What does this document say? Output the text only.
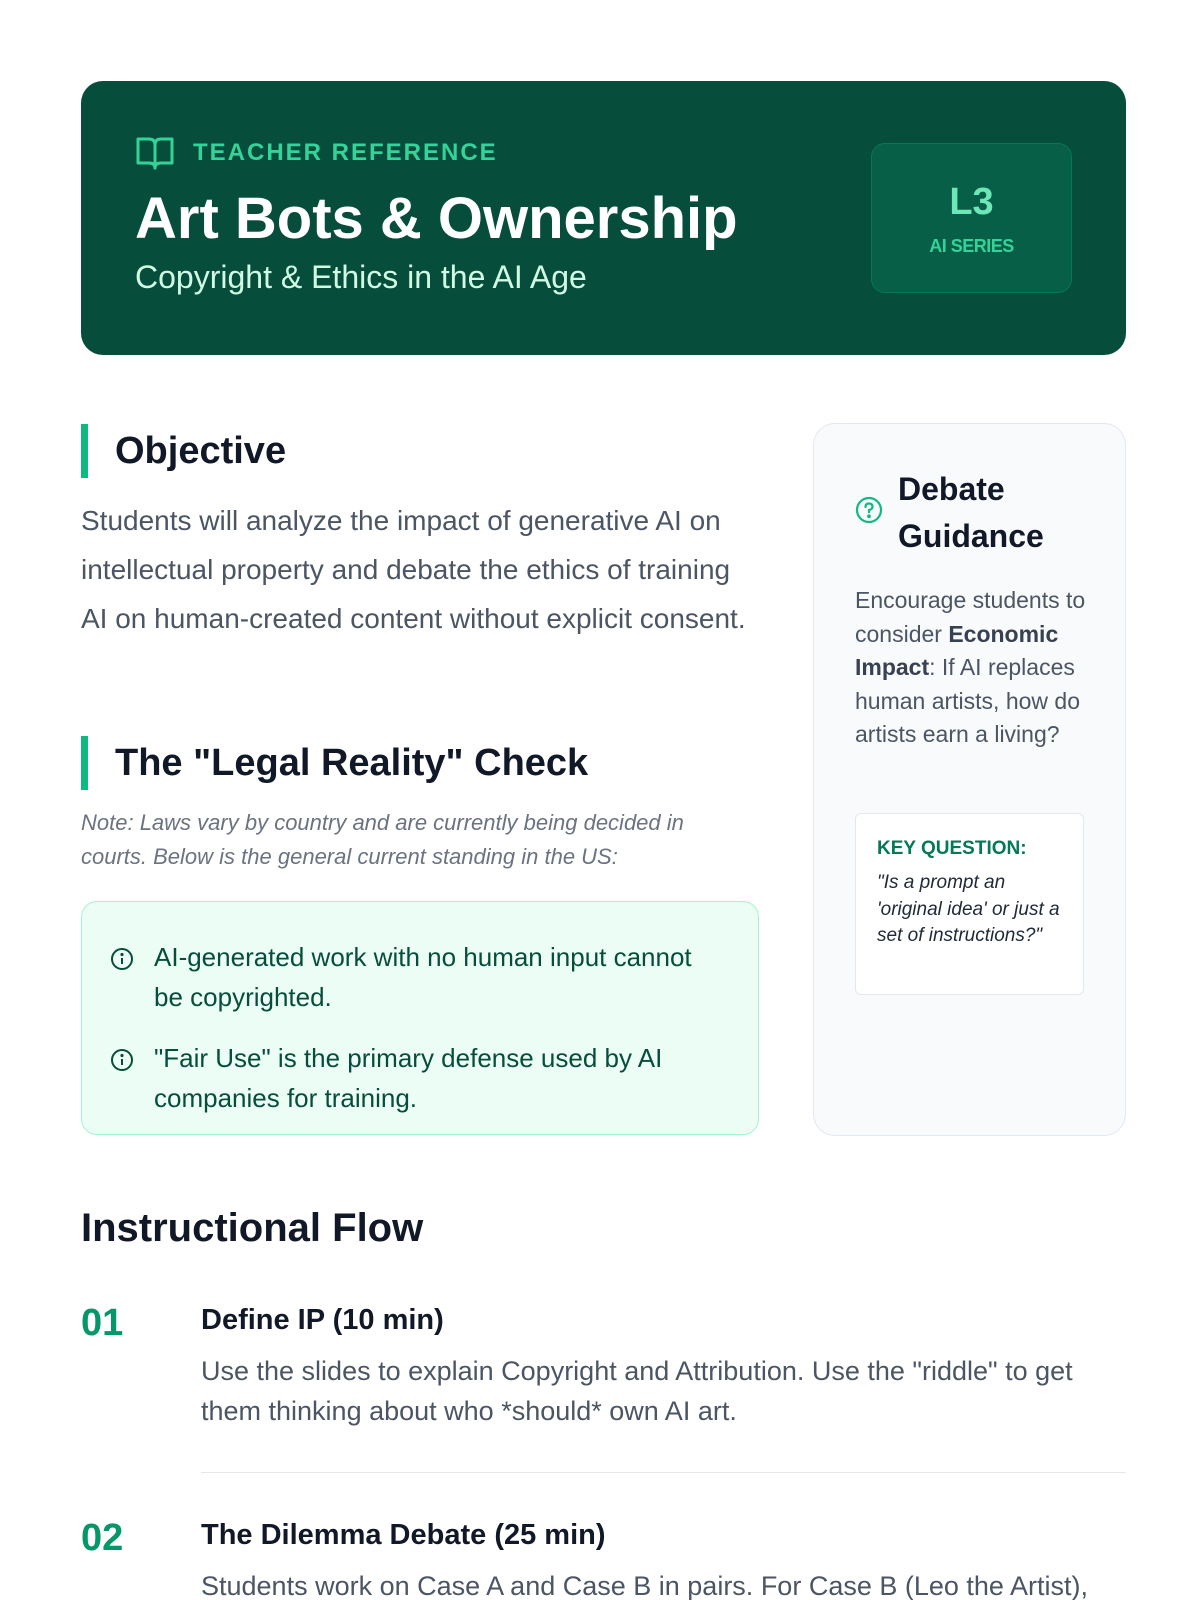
TEACHER REFERENCE
Art Bots & Ownership
Copyright & Ethics in the AI Age
L3
AI SERIES
Objective

Students will analyze the impact of generative AI on intellectual property and debate the ethics of training AI on human-created content without explicit consent.

The "Legal Reality" Check

Note: Laws vary by country and are currently being decided in courts. Below is the general current standing in the US:

AI-generated work with no human input cannot be copyrighted.
"Fair Use" is the primary defense used by AI companies for training.
Debate Guidance

Encourage students to consider Economic Impact: If AI replaces human artists, how do artists earn a living?

KEY QUESTION:
"Is a prompt an 'original idea' or just a set of instructions?"
Instructional Flow
01	Define IP (10 min)

Use the slides to explain Copyright and Attribution. Use the "riddle" to get them thinking about who *should* own AI art.

02	The Dilemma Debate (25 min)

Students work on Case A and Case B in pairs. For Case B (Leo the Artist),
